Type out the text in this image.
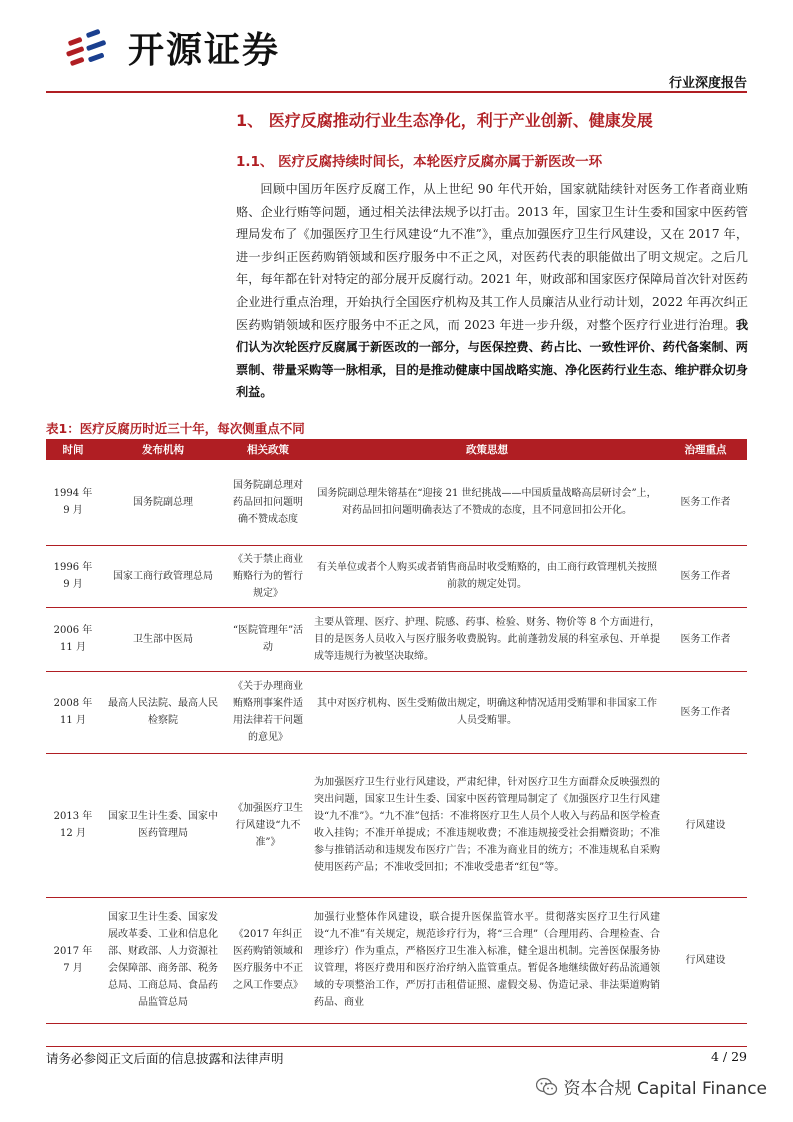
开源证券
行业深度报告
1、 医疗反腐推动行业生态净化，利于产业创新、健康发展
1.1、 医疗反腐持续时间长，本轮医疗反腐亦属于新医改一环
回顾中国历年医疗反腐工作，从上世纪 90 年代开始，国家就陆续针对医务工作者商业贿赂、企业行贿等问题，通过相关法律法规予以打击。2013 年，国家卫生计生委和国家中医药管理局发布了《加强医疗卫生行风建设“九不准”》，重点加强医疗卫生行风建设，又在 2017 年，进一步纠正医药购销领域和医疗服务中不正之风，对医药代表的职能做出了明文规定。之后几年，每年都在针对特定的部分展开反腐行动。2021 年，财政部和国家医疗保障局首次针对医药企业进行重点治理，开始执行全国医疗机构及其工作人员廉洁从业行动计划，2022 年再次纠正医药购销领域和医疗服务中不正之风，而 2023 年进一步升级，对整个医疗行业进行治理。我们认为次轮医疗反腐属于新医改的一部分，与医保控费、药占比、一致性评价、药代备案制、两票制、带量采购等一脉相承，目的是推动健康中国战略实施、净化医药行业生态、维护群众切身利益。
表1：医疗反腐历时近三十年，每次侧重点不同
时间	发布机构	相关政策	政策思想	治理重点
1994 年 9 月	国务院副总理	国务院副总理对药品回扣问题明确不赞成态度	国务院副总理朱镕基在“迎接 21 世纪挑战——中国质量战略高层研讨会”上，对药品回扣问题明确表达了不赞成的态度，且不同意回扣公开化。	医务工作者
1996 年 9 月	国家工商行政管理总局	《关于禁止商业贿赂行为的暂行规定》	有关单位或者个人购买或者销售商品时收受贿赂的，由工商行政管理机关按照前款的规定处罚。	医务工作者
2006 年 11 月	卫生部中医局	“医院管理年”活动	主要从管理、医疗、护理、院感、药事、检验、财务、物价等 8 个方面进行，目的是医务人员收入与医疗服务收费脱钩。此前蓬勃发展的科室承包、开单提成等违规行为被坚决取缔。	医务工作者
2008 年 11 月	最高人民法院、最高人民检察院	《关于办理商业贿赂刑事案件适用法律若干问题的意见》	其中对医疗机构、医生受贿做出规定，明确这种情况适用受贿罪和非国家工作人员受贿罪。	医务工作者
2013 年 12 月	国家卫生计生委、国家中医药管理局	《加强医疗卫生行风建设“九不准”》	为加强医疗卫生行业行风建设，严肃纪律，针对医疗卫生方面群众反映强烈的突出问题，国家卫生计生委、国家中医药管理局制定了《加强医疗卫生行风建设“九不准”》。“九不准”包括：不准将医疗卫生人员个人收入与药品和医学检查收入挂钩；不准开单提成；不准违规收费；不准违规接受社会捐赠资助；不准参与推销活动和违规发布医疗广告；不准为商业目的统方；不准违规私自采购使用医药产品；不准收受回扣；不准收受患者“红包”等。	行风建设
2017 年 7 月	国家卫生计生委、国家发展改革委、工业和信息化部、财政部、人力资源社会保障部、商务部、税务总局、工商总局、食品药品监管总局	《2017 年纠正医药购销领域和医疗服务中不正之风工作要点》	加强行业整体作风建设，联合提升医保监管水平。贯彻落实医疗卫生行风建设“九不准”有关规定，规范诊疗行为，将“三合理”（合理用药、合理检查、合理诊疗）作为重点，严格医疗卫生准入标准，健全退出机制。完善医保服务协议管理，将医疗费用和医疗治疗纳入监管重点。暂促各地继续做好药品流通领域的专项整治工作，严厉打击租借证照、虚假交易、伪造记录、非法渠道购销药品、商业	行风建设
请务必参阅正文后面的信息披露和法律声明	4 / 29
资本合规 Capital Finance
